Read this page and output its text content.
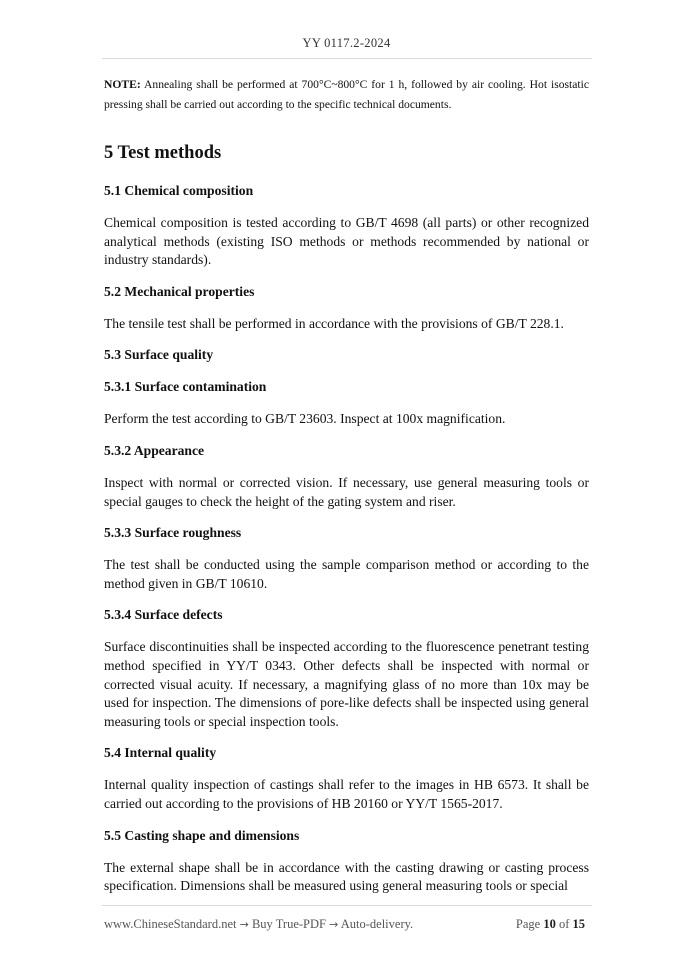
YY 0117.2-2024

NOTE: Annealing shall be performed at 700°C~800°C for 1 h, followed by air cooling. Hot isostatic pressing shall be carried out according to the specific technical documents.

5 Test methods
5.1 Chemical composition

Chemical composition is tested according to GB/T 4698 (all parts) or other recognized analytical methods (existing ISO methods or methods recommended by national or industry standards).

5.2 Mechanical properties

The tensile test shall be performed in accordance with the provisions of GB/T 228.1.

5.3 Surface quality
5.3.1 Surface contamination

Perform the test according to GB/T 23603. Inspect at 100x magnification.

5.3.2 Appearance

Inspect with normal or corrected vision. If necessary, use general measuring tools or special gauges to check the height of the gating system and riser.

5.3.3 Surface roughness

The test shall be conducted using the sample comparison method or according to the method given in GB/T 10610.

5.3.4 Surface defects

Surface discontinuities shall be inspected according to the fluorescence penetrant testing method specified in YY/T 0343. Other defects shall be inspected with normal or corrected visual acuity. If necessary, a magnifying glass of no more than 10x may be used for inspection. The dimensions of pore-like defects shall be inspected using general measuring tools or special inspection tools.

5.4 Internal quality

Internal quality inspection of castings shall refer to the images in HB 6573. It shall be carried out according to the provisions of HB 20160 or YY/T 1565-2017.

5.5 Casting shape and dimensions

The external shape shall be in accordance with the casting drawing or casting process specification. Dimensions shall be measured using general measuring tools or special

www.ChineseStandard.net → Buy True-PDF → Auto-delivery.	Page 10 of 15
